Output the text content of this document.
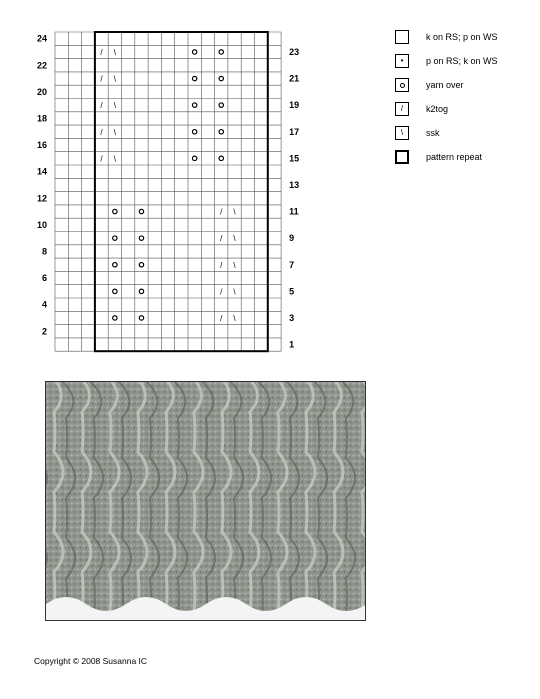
/ \
/ \
/ \
/ \
/ \
/ \
/ \
/ \
/ \
/ \
24
22
20
18
16
14
12
10
8
6
4
2
23
21
19
17
15
13
11
9
7
5
3
1
k on RS; p on WS
•	p on RS; k on WS
yarn over
/	k2tog
\	ssk
pattern repeat
Copyright © 2008 Susanna IC
